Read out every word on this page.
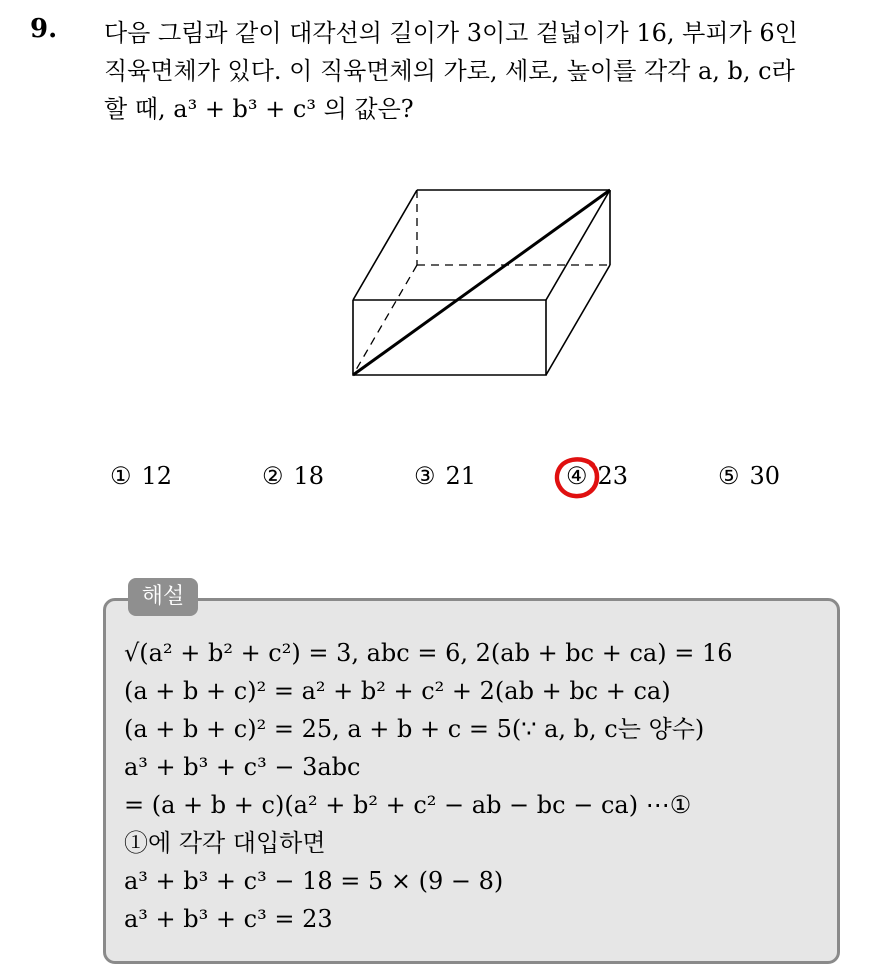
9. 다음 그림과 같이 대각선의 길이가 3이고 겉넓이가 16, 부피가 6인
직육면체가 있다. 이 직육면체의 가로, 세로, 높이를 각각 a, b, c라
할 때, a³ + b³ + c³ 의 값은?
① 12	② 18	③ 21	④ 23	⑤ 30
해설
√(a² + b² + c²) = 3, abc = 6, 2(ab + bc + ca) = 16
(a + b + c)² = a² + b² + c² + 2(ab + bc + ca)
(a + b + c)² = 25, a + b + c = 5(∵ a, b, c는 양수)
a³ + b³ + c³ − 3abc
= (a + b + c)(a² + b² + c² − ab − bc − ca) ⋯①
①에 각각 대입하면
a³ + b³ + c³ − 18 = 5 × (9 − 8)
a³ + b³ + c³ = 23
